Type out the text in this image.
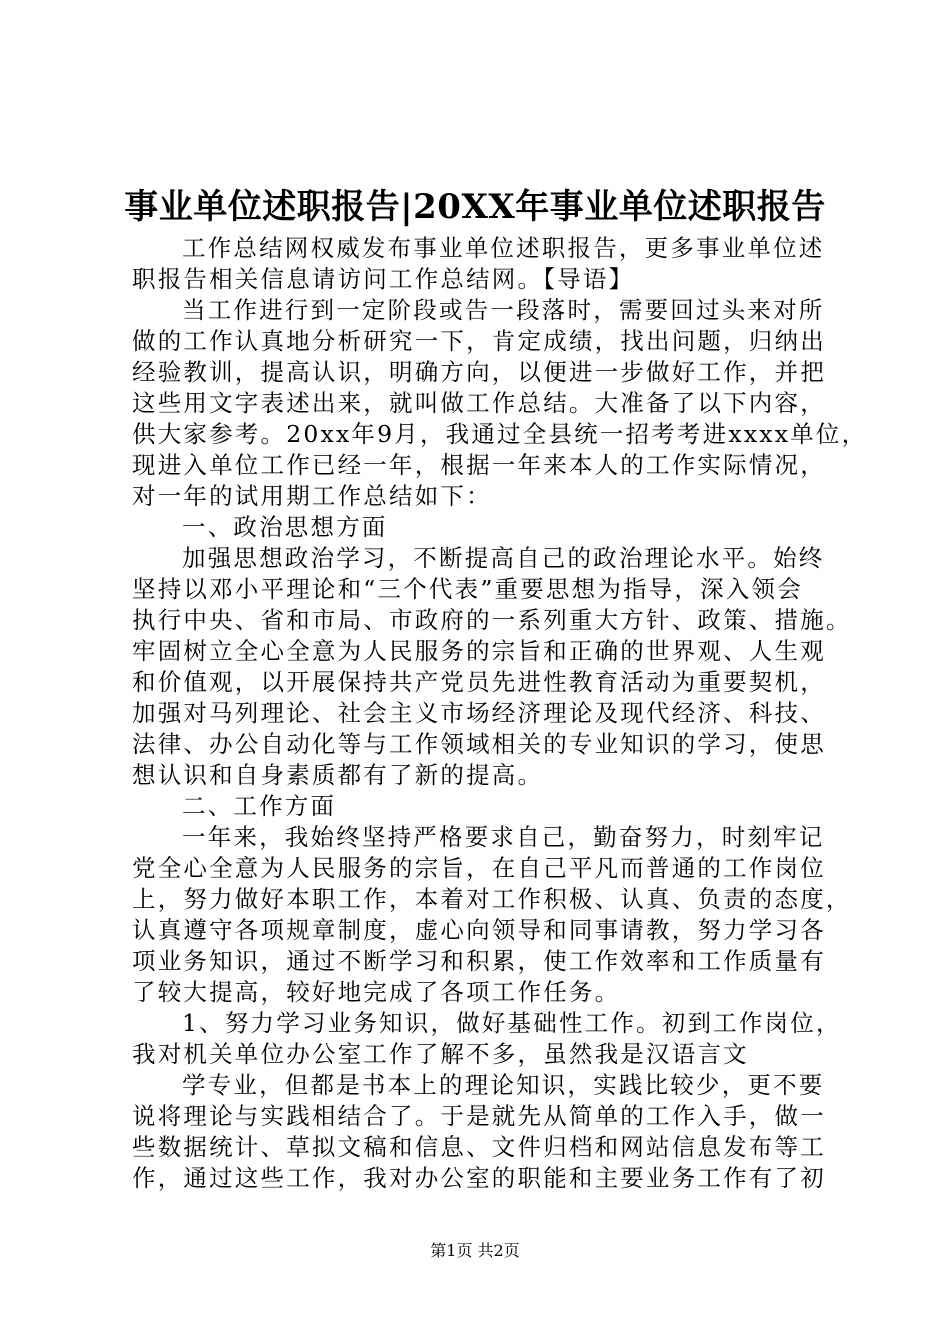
事业单位述职报告|20XX年事业单位述职报告
工作总结网权威发布事业单位述职报告，更多事业单位述
职报告相关信息请访问工作总结网。【导语】
当工作进行到一定阶段或告一段落时，需要回过头来对所
做的工作认真地分析研究一下，肯定成绩，找出问题，归纳出
经验教训，提高认识，明确方向，以便进一步做好工作，并把
这些用文字表述出来，就叫做工作总结。大准备了以下内容，
供大家参考。20xx年9月，我通过全县统一招考考进xxxx单位，
现进入单位工作已经一年，根据一年来本人的工作实际情况，
对一年的试用期工作总结如下：
一、政治思想方面
加强思想政治学习，不断提高自己的政治理论水平。始终
坚持以邓小平理论和“三个代表”重要思想为指导，深入领会
执行中央、省和市局、市政府的一系列重大方针、政策、措施。
牢固树立全心全意为人民服务的宗旨和正确的世界观、人生观
和价值观，以开展保持共产党员先进性教育活动为重要契机，
加强对马列理论、社会主义市场经济理论及现代经济、科技、
法律、办公自动化等与工作领域相关的专业知识的学习，使思
想认识和自身素质都有了新的提高。
二、工作方面
一年来，我始终坚持严格要求自己，勤奋努力，时刻牢记
党全心全意为人民服务的宗旨，在自己平凡而普通的工作岗位
上，努力做好本职工作，本着对工作积极、认真、负责的态度，
认真遵守各项规章制度，虚心向领导和同事请教，努力学习各
项业务知识，通过不断学习和积累，使工作效率和工作质量有
了较大提高，较好地完成了各项工作任务。
1、努力学习业务知识，做好基础性工作。初到工作岗位，
我对机关单位办公室工作了解不多，虽然我是汉语言文
学专业，但都是书本上的理论知识，实践比较少，更不要
说将理论与实践相结合了。于是就先从简单的工作入手，做一
些数据统计、草拟文稿和信息、文件归档和网站信息发布等工
作，通过这些工作，我对办公室的职能和主要业务工作有了初
第1页 共2页
